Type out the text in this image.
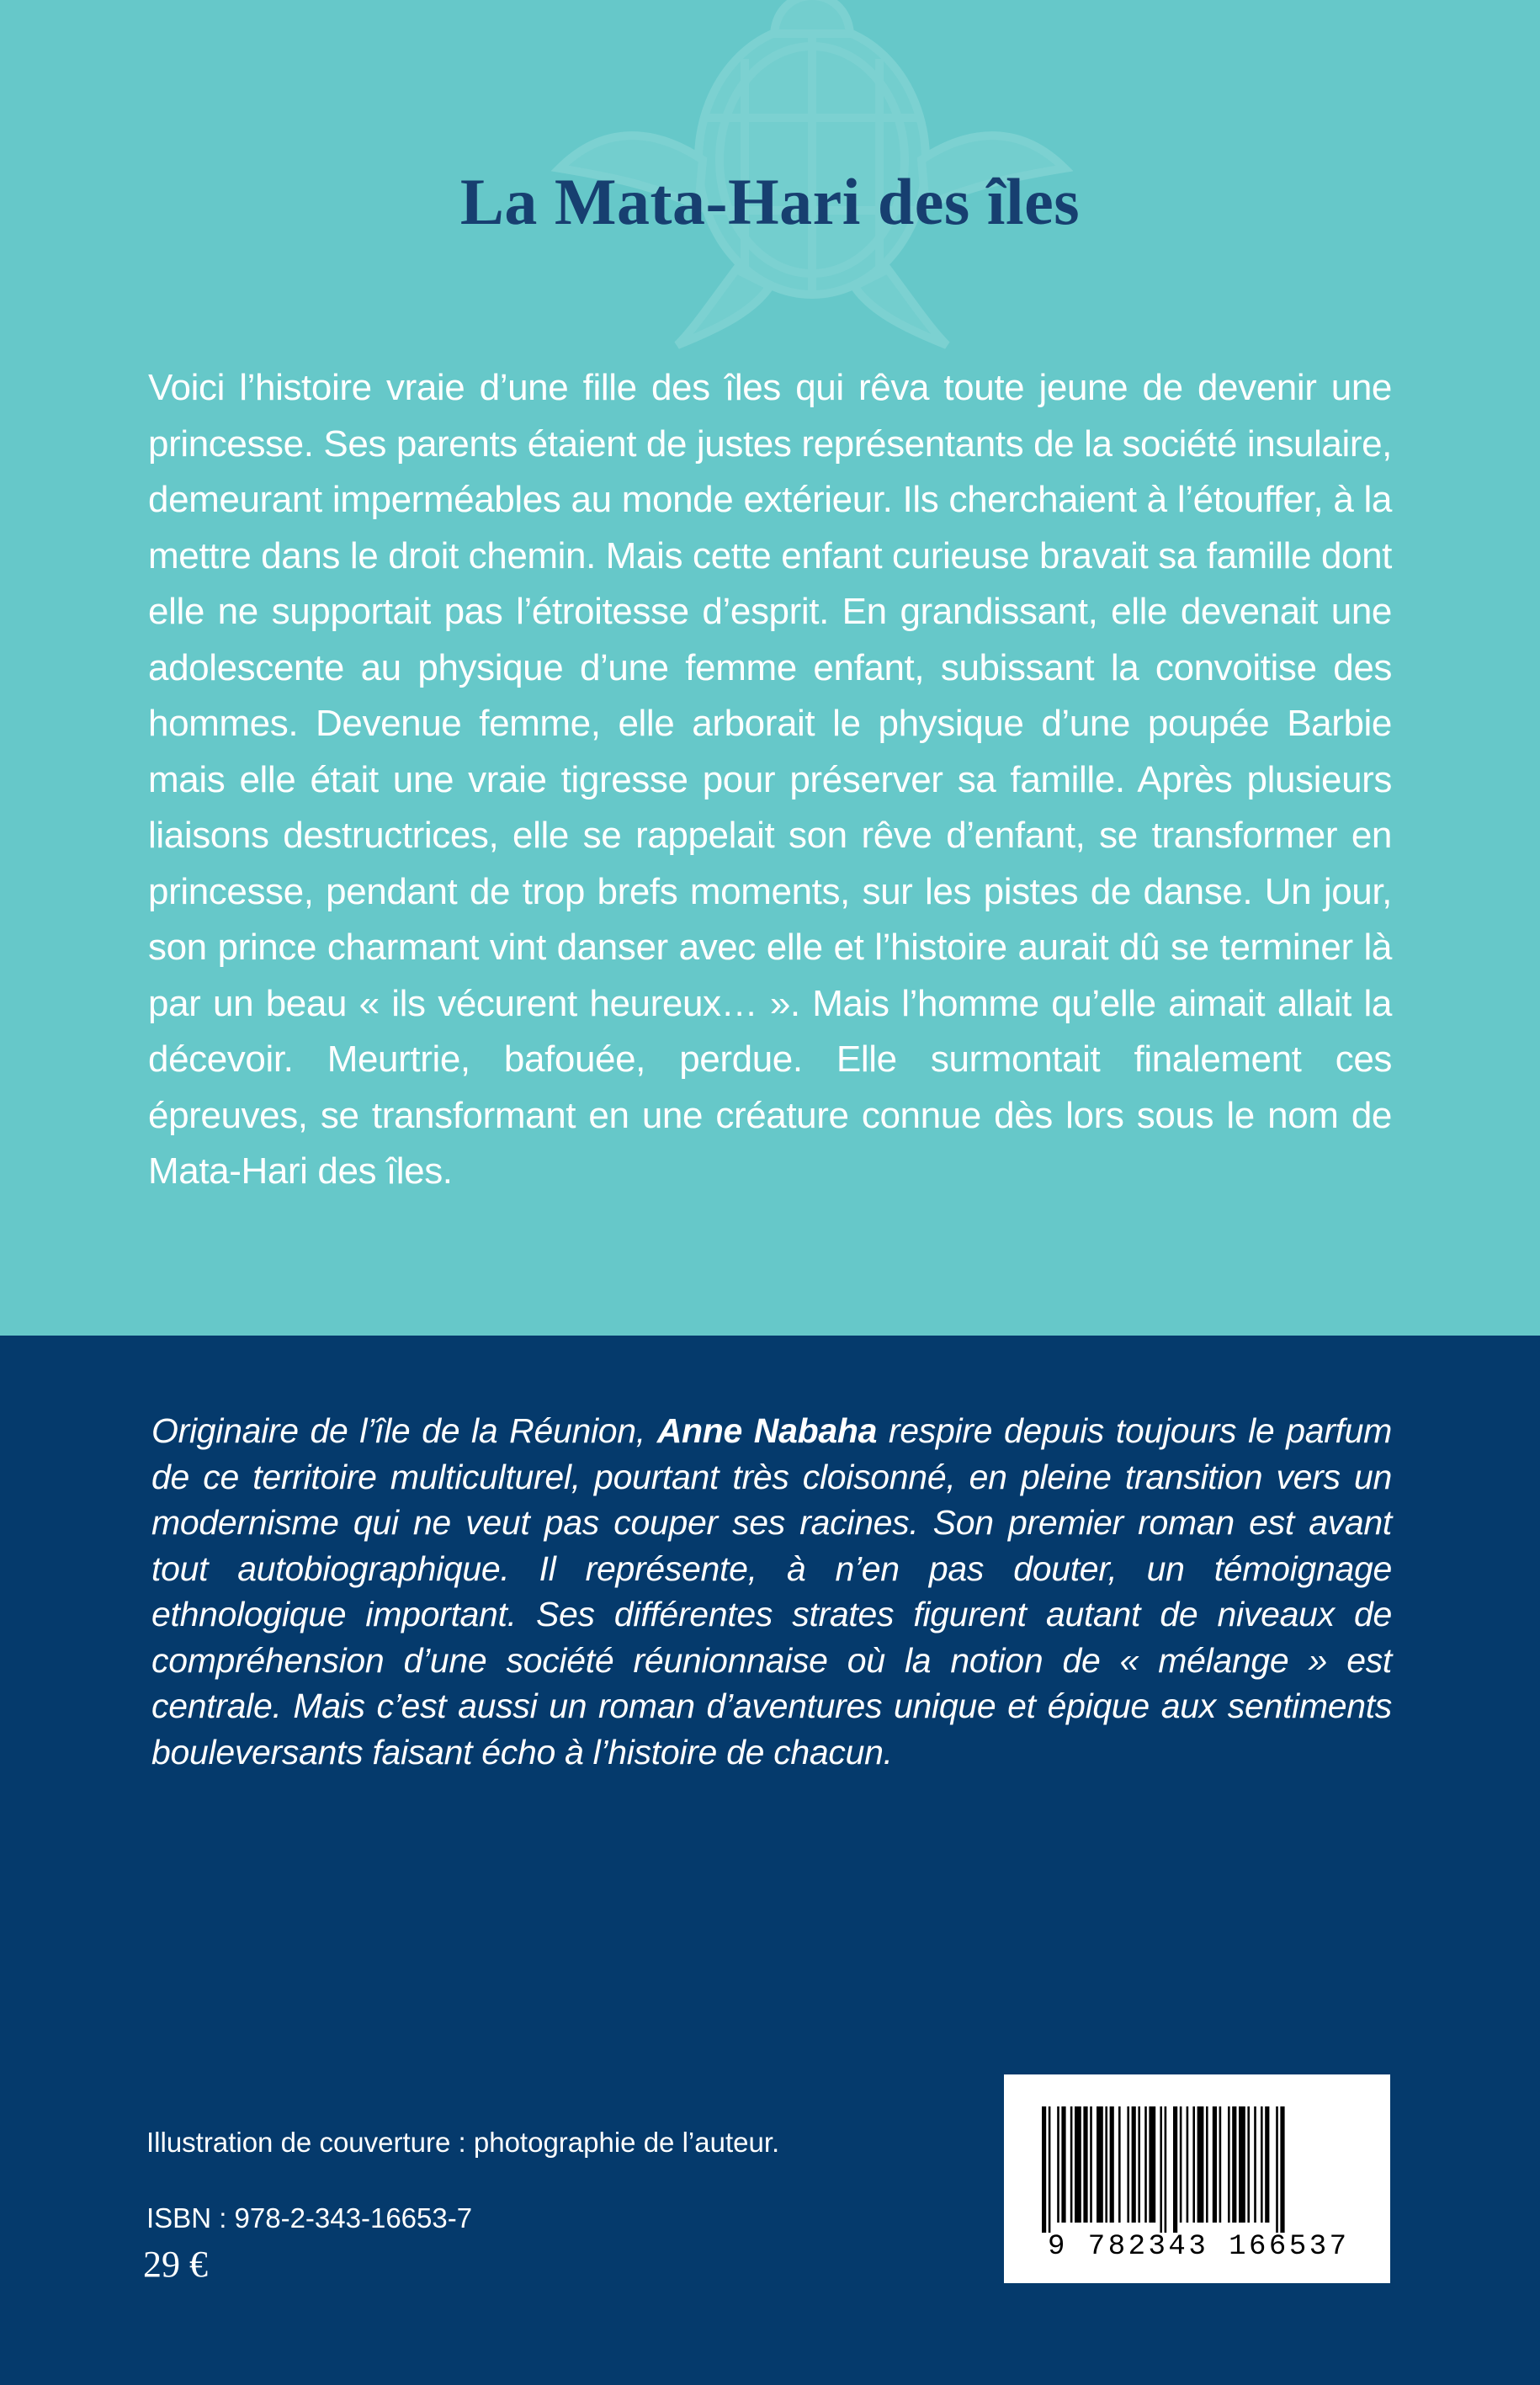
La Mata-Hari des îles

Voici l’histoire vraie d’une fille des îles qui rêva toute jeune de devenir une princesse. Ses parents étaient de justes représentants de la société insulaire, demeurant imperméables au monde extérieur. Ils cherchaient à l’étouffer, à la mettre dans le droit chemin. Mais cette enfant curieuse bravait sa famille dont elle ne supportait pas l’étroitesse d’esprit. En grandissant, elle devenait une adolescente au physique d’une femme enfant, subissant la convoitise des hommes. Devenue femme, elle arborait le physique d’une poupée Barbie mais elle était une vraie tigresse pour préserver sa famille. Après plusieurs liaisons destructrices, elle se rappelait son rêve d’enfant, se transformer en princesse, pendant de trop brefs moments, sur les pistes de danse. Un jour, son prince charmant vint danser avec elle et l’histoire aurait dû se terminer là par un beau « ils vécurent heureux… ». Mais l’homme qu’elle aimait allait la décevoir. Meurtrie, bafouée, perdue. Elle surmontait finalement ces épreuves, se transformant en une créature connue dès lors sous le nom de Mata-Hari des îles.

Originaire de l’île de la Réunion, Anne Nabaha respire depuis toujours le parfum de ce territoire multiculturel, pourtant très cloisonné, en pleine transition vers un modernisme qui ne veut pas couper ses racines. Son premier roman est avant tout autobiographique. Il représente, à n’en pas douter, un témoignage ethnologique important. Ses différentes strates figurent autant de niveaux de compréhension d’une société réunionnaise où la notion de « mélange » est centrale. Mais c’est aussi un roman d’aventures unique et épique aux sentiments bouleversants faisant écho à l’histoire de chacun.

Illustration de couverture : photographie de l’auteur.

ISBN : 978-2-343-16653-7

29 €	9 782343 166537
